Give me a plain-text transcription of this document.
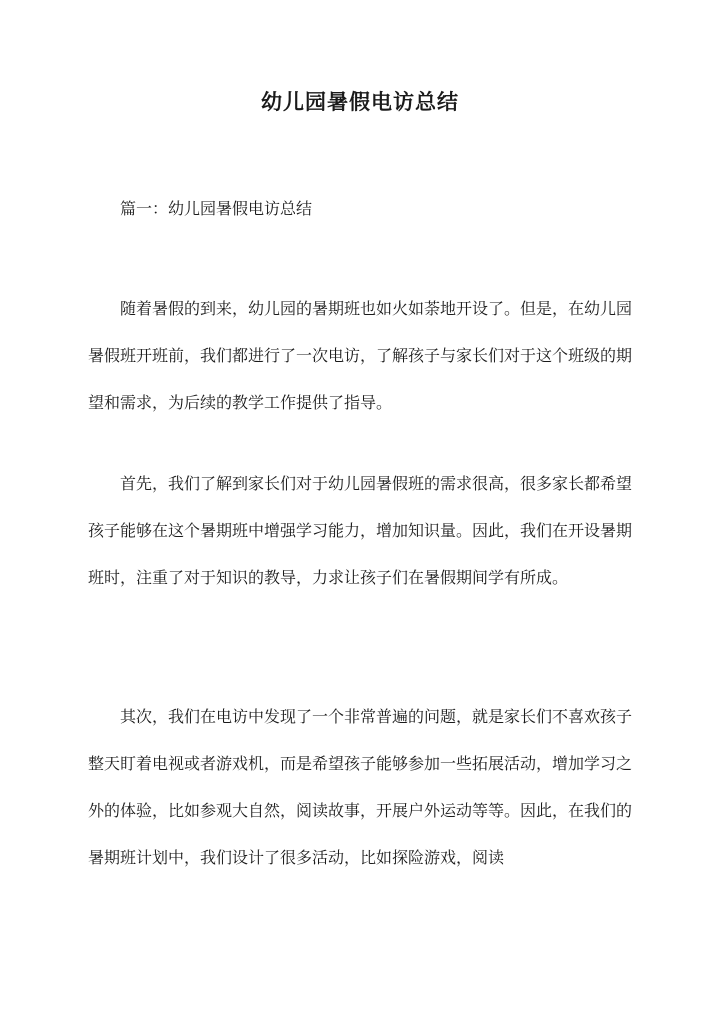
幼儿园暑假电访总结

篇一：幼儿园暑假电访总结

随着暑假的到来，幼儿园的暑期班也如火如荼地开设了。但是，在幼儿园暑假班开班前，我们都进行了一次电访，了解孩子与家长们对于这个班级的期望和需求，为后续的教学工作提供了指导。

首先，我们了解到家长们对于幼儿园暑假班的需求很高，很多家长都希望孩子能够在这个暑期班中增强学习能力，增加知识量。因此，我们在开设暑期班时，注重了对于知识的教导，力求让孩子们在暑假期间学有所成。

其次，我们在电访中发现了一个非常普遍的问题，就是家长们不喜欢孩子整天盯着电视或者游戏机，而是希望孩子能够参加一些拓展活动，增加学习之外的体验，比如参观大自然，阅读故事，开展户外运动等等。因此，在我们的暑期班计划中，我们设计了很多活动，比如探险游戏，阅读
